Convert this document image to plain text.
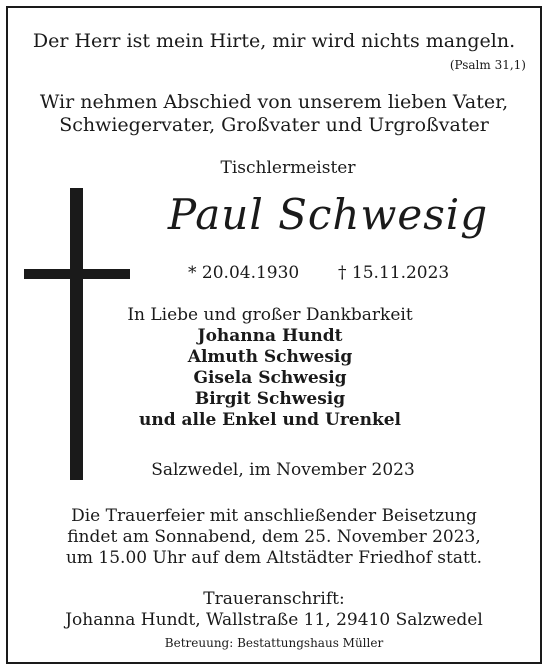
Der Herr ist mein Hirte, mir wird nichts mangeln.
(Psalm 31,1)
Wir nehmen Abschied von unserem lieben Vater,
Schwiegervater, Großvater und Urgroßvater
Tischlermeister
Paul Schwesig
* 20.04.1930 † 15.11.2023
In Liebe und großer Dankbarkeit
Johanna Hundt
Almuth Schwesig
Gisela Schwesig
Birgit Schwesig
und alle Enkel und Urenkel
Salzwedel, im November 2023
Die Trauerfeier mit anschließender Beisetzung
findet am Sonnabend, dem 25. November 2023,
um 15.00 Uhr auf dem Altstädter Friedhof statt.
Traueranschrift:
Johanna Hundt, Wallstraße 11, 29410 Salzwedel
Betreuung: Bestattungshaus Müller
